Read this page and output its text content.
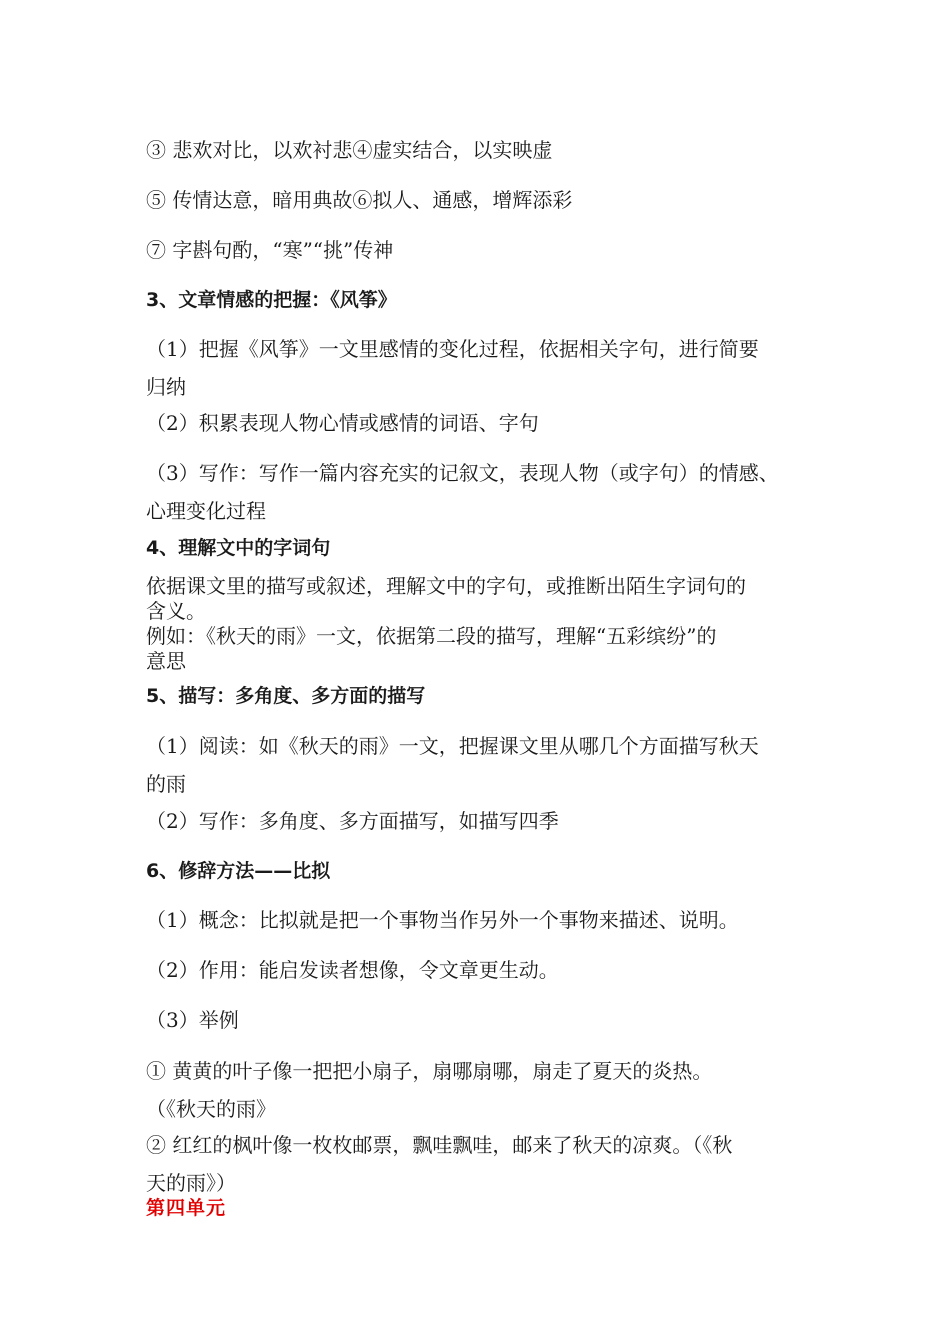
③ 悲欢对比，以欢衬悲④虚实结合，以实映虚
⑤ 传情达意，暗用典故⑥拟人、通感，增辉添彩
⑦ 字斟句酌，“寒”“挑”传神
3、文章情感的把握：《风筝》
（1）把握《风筝》一文里感情的变化过程，依据相关字句，进行简要
归纳
（2）积累表现人物心情或感情的词语、字句
（3）写作：写作一篇内容充实的记叙文，表现人物（或字句）的情感、
心理变化过程
4、理解文中的字词句
依据课文里的描写或叙述，理解文中的字句，或推断出陌生字词句的
含义。
例如：《秋天的雨》一文，依据第二段的描写，理解“五彩缤纷”的
意思
5、描写：多角度、多方面的描写
（1）阅读：如《秋天的雨》一文，把握课文里从哪几个方面描写秋天
的雨
（2）写作：多角度、多方面描写，如描写四季
6、修辞方法——比拟
（1）概念：比拟就是把一个事物当作另外一个事物来描述、说明。
（2）作用：能启发读者想像，令文章更生动。
（3）举例
① 黄黄的叶子像一把把小扇子，扇哪扇哪，扇走了夏天的炎热。
（《秋天的雨》
② 红红的枫叶像一枚枚邮票，飘哇飘哇，邮来了秋天的凉爽。（《秋
天的雨》）
第四单元
